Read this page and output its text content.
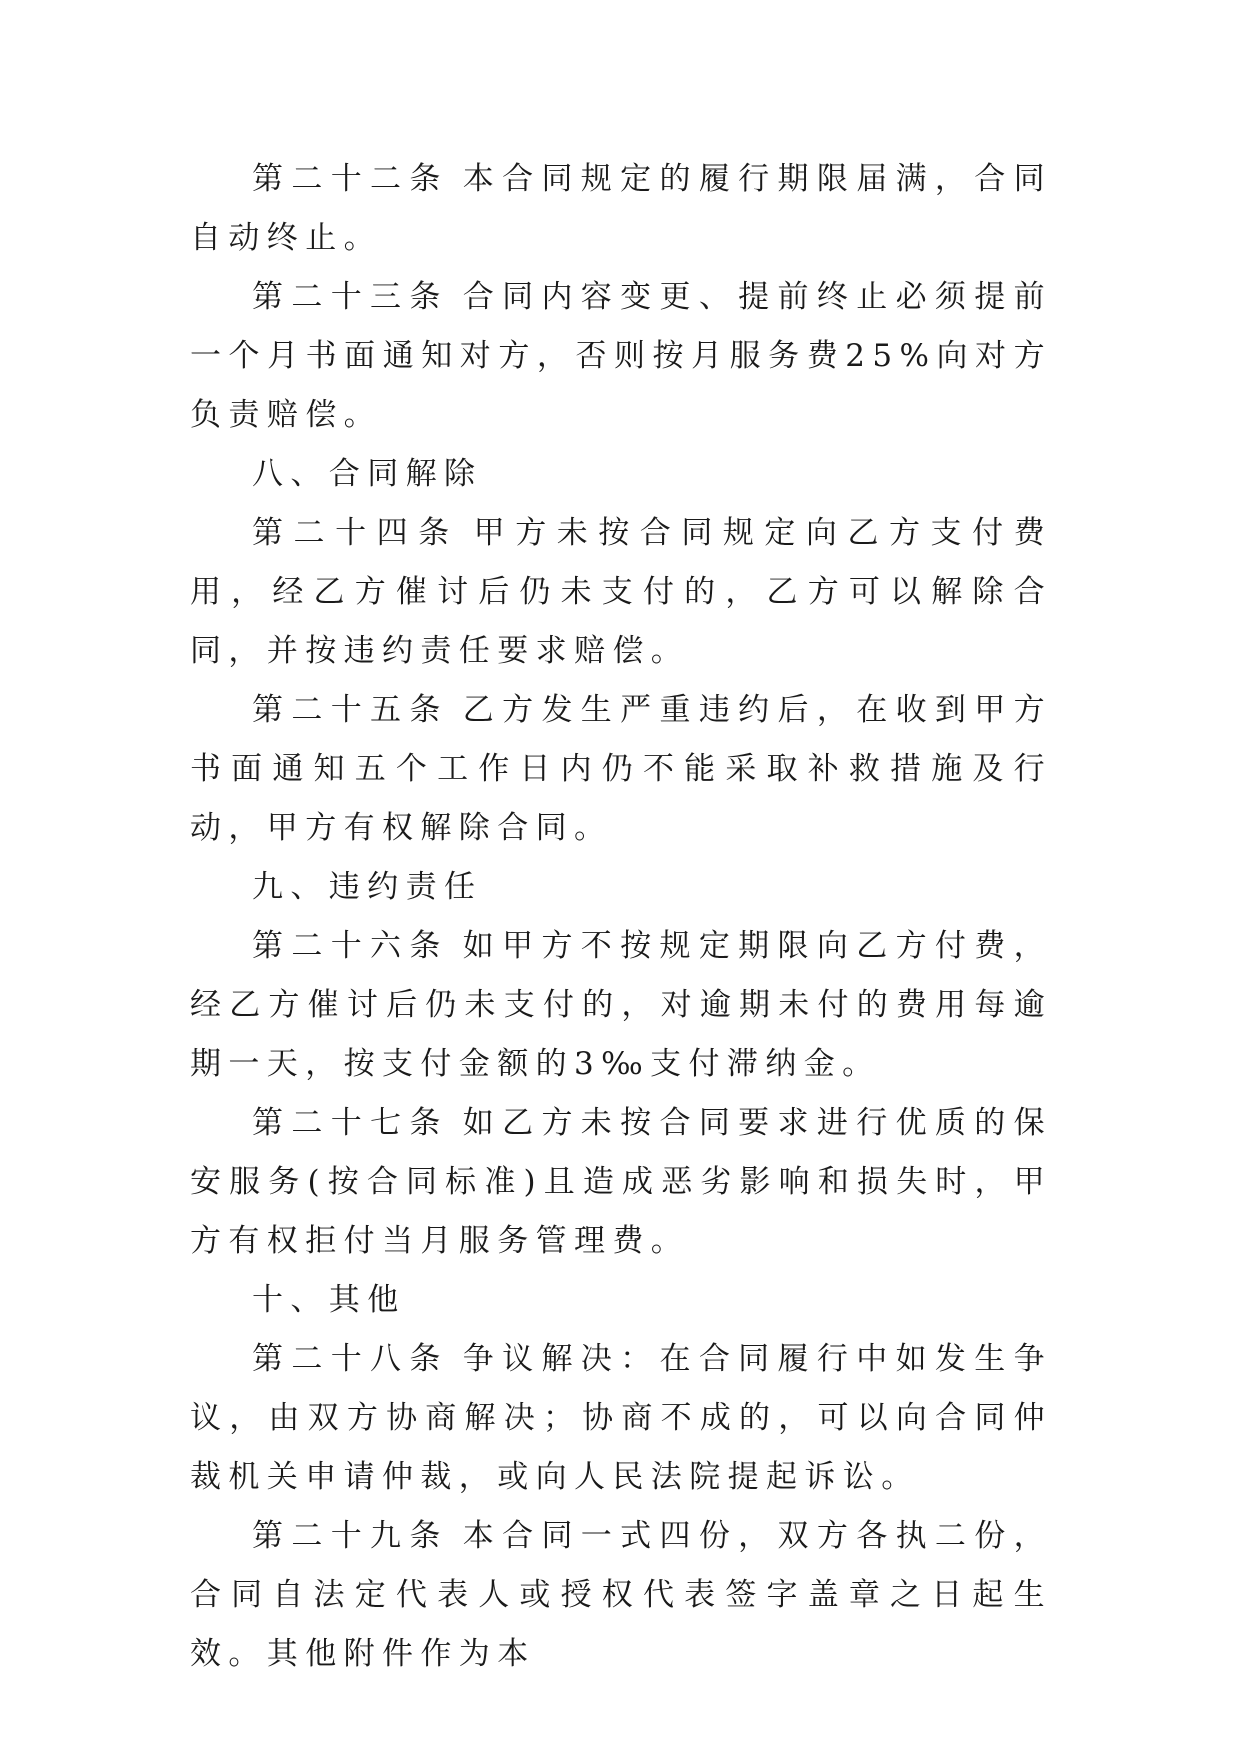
第二十二条 本合同规定的履行期限届满，合同自动终止。

第二十三条 合同内容变更、提前终止必须提前一个月书面通知对方，否则按月服务费25%向对方负责赔偿。

八、合同解除

第二十四条 甲方未按合同规定向乙方支付费用，经乙方催讨后仍未支付的，乙方可以解除合同，并按违约责任要求赔偿。

第二十五条 乙方发生严重违约后，在收到甲方书面通知五个工作日内仍不能采取补救措施及行动，甲方有权解除合同。

九、违约责任

第二十六条 如甲方不按规定期限向乙方付费，经乙方催讨后仍未支付的，对逾期未付的费用每逾期一天，按支付金额的3‰支付滞纳金。

第二十七条 如乙方未按合同要求进行优质的保安服务(按合同标准)且造成恶劣影响和损失时，甲方有权拒付当月服务管理费。

十、其他

第二十八条 争议解决：在合同履行中如发生争议，由双方协商解决；协商不成的，可以向合同仲裁机关申请仲裁，或向人民法院提起诉讼。

第二十九条 本合同一式四份，双方各执二份，合同自法定代表人或授权代表签字盖章之日起生效。其他附件作为本
